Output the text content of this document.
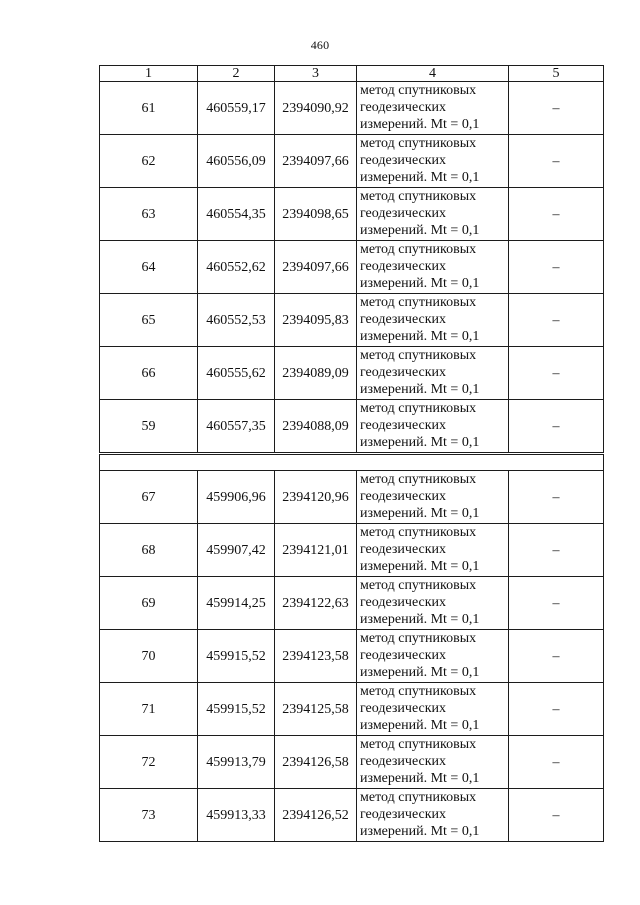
460
1	2	3	4	5
61	460559,17	2394090,92	метод спутниковых
геодезических
измерений. Mt = 0,1	–
62	460556,09	2394097,66	метод спутниковых
геодезических
измерений. Mt = 0,1	–
63	460554,35	2394098,65	метод спутниковых
геодезических
измерений. Mt = 0,1	–
64	460552,62	2394097,66	метод спутниковых
геодезических
измерений. Mt = 0,1	–
65	460552,53	2394095,83	метод спутниковых
геодезических
измерений. Mt = 0,1	–
66	460555,62	2394089,09	метод спутниковых
геодезических
измерений. Mt = 0,1	–
59	460557,35	2394088,09	метод спутниковых
геодезических
измерений. Mt = 0,1	–

67	459906,96	2394120,96	метод спутниковых
геодезических
измерений. Mt = 0,1	–
68	459907,42	2394121,01	метод спутниковых
геодезических
измерений. Mt = 0,1	–
69	459914,25	2394122,63	метод спутниковых
геодезических
измерений. Mt = 0,1	–
70	459915,52	2394123,58	метод спутниковых
геодезических
измерений. Mt = 0,1	–
71	459915,52	2394125,58	метод спутниковых
геодезических
измерений. Mt = 0,1	–
72	459913,79	2394126,58	метод спутниковых
геодезических
измерений. Mt = 0,1	–
73	459913,33	2394126,52	метод спутниковых
геодезических
измерений. Mt = 0,1	–
